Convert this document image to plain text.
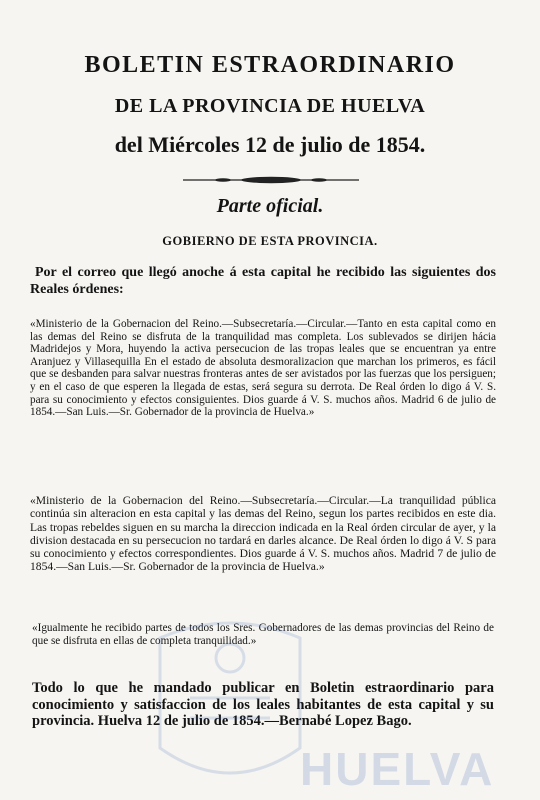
BOLETIN ESTRAORDINARIO
DE LA PROVINCIA DE HUELVA
del Miércoles 12 de julio de 1854.
Parte oficial.
GOBIERNO DE ESTA PROVINCIA.
Por el correo que llegó anoche á esta capital he recibido las siguientes dos Reales órdenes:
«Ministerio de la Gobernacion del Reino.—Subsecretaría.—Circular.—Tanto en esta capital como en las demas del Reino se disfruta de la tranquilidad mas completa. Los sublevados se dirijen hácia Madridejos y Mora, huyendo la activa persecucion de las tropas leales que se encuentran ya entre Aranjuez y Villasequilla En el estado de absoluta desmoralizacion que marchan los primeros, es fácil que se desbanden para salvar nuestras fronteras antes de ser avistados por las fuerzas que los persiguen; y en el caso de que esperen la llegada de estas, será segura su derrota. De Real órden lo digo á V. S. para su conocimiento y efectos consiguientes. Dios guarde á V. S. muchos años. Madrid 6 de julio de 1854.—San Luis.—Sr. Gobernador de la provincia de Huelva.»
«Ministerio de la Gobernacion del Reino.—Subsecretaría.—Circular.—La tranquilidad pública continúa sin alteracion en esta capital y las demas del Reino, segun los partes recibidos en este dia. Las tropas rebeldes siguen en su marcha la direccion indicada en la Real órden circular de ayer, y la division destacada en su persecucion no tardará en darles alcance. De Real órden lo digo á V. S para su conocimiento y efectos correspondientes. Dios guarde á V. S. muchos años. Madrid 7 de julio de 1854.—San Luis.—Sr. Gobernador de la provincia de Huelva.»
«Igualmente he recibido partes de todos los Sres. Gobernadores de las demas provincias del Reino de que se disfruta en ellas de completa tranquilidad.»
Todo lo que he mandado publicar en Boletin estraordinario para conocimiento y satisfaccion de los leales habitantes de esta capital y su provincia. Huelva 12 de julio de 1854.—Bernabé Lopez Bago.
HUELVA
